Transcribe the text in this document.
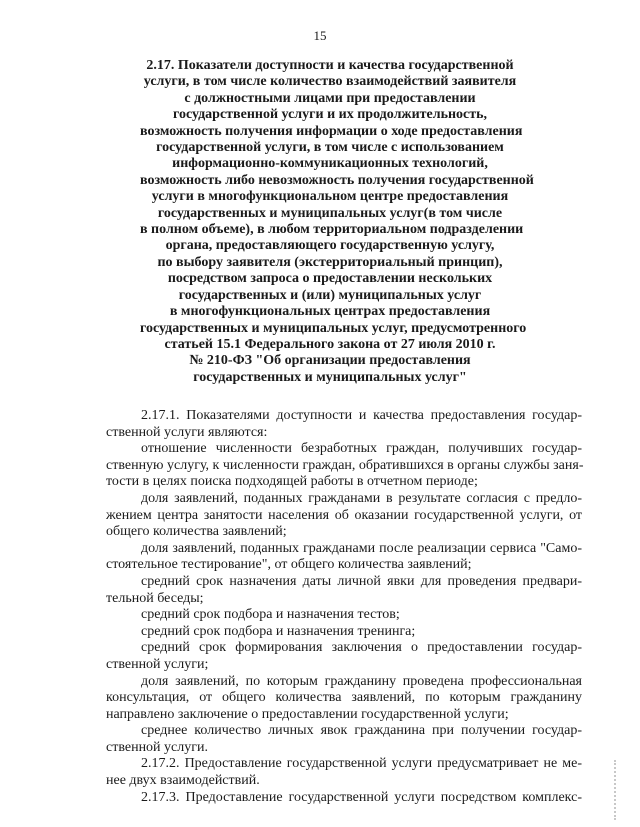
15
2.17. Показатели доступности и качества государственной
услуги, в том числе количество взаимодействий заявителя
с должностными лицами при предоставлении
государственной услуги и их продолжительность,
возможность получения информации о ходе предоставления
государственной услуги, в том числе с использованием
информационно-коммуникационных технологий,
возможность либо невозможность получения государственной
услуги в многофункциональном центре предоставления
государственных и муниципальных услуг(в том числе
в полном объеме), в любом территориальном подразделении
органа, предоставляющего государственную услугу,
по выбору заявителя (экстерриториальный принцип),
посредством запроса о предоставлении нескольких
государственных и (или) муниципальных услуг
в многофункциональных центрах предоставления
государственных и муниципальных услуг, предусмотренного
статьей 15.1 Федерального закона от 27 июля 2010 г.
№ 210-ФЗ "Об организации предоставления
государственных и муниципальных услуг"
2.17.1. Показателями доступности и качества предоставления государ-
ственной услуги являются:
отношение численности безработных граждан, получивших государ-
ственную услугу, к численности граждан, обратившихся в органы службы заня-
тости в целях поиска подходящей работы в отчетном периоде;
доля заявлений, поданных гражданами в результате согласия с предло-
жением центра занятости населения об оказании государственной услуги, от
общего количества заявлений;
доля заявлений, поданных гражданами после реализации сервиса "Само-
стоятельное тестирование", от общего количества заявлений;
средний срок назначения даты личной явки для проведения предвари-
тельной беседы;
средний срок подбора и назначения тестов;
средний срок подбора и назначения тренинга;
средний срок формирования заключения о предоставлении государ-
ственной услуги;
доля заявлений, по которым гражданину проведена профессиональная
консультация, от общего количества заявлений, по которым гражданину
направлено заключение о предоставлении государственной услуги;
среднее количество личных явок гражданина при получении государ-
ственной услуги.
2.17.2. Предоставление государственной услуги предусматривает не ме-
нее двух взаимодействий.
2.17.3. Предоставление государственной услуги посредством комплекс-
